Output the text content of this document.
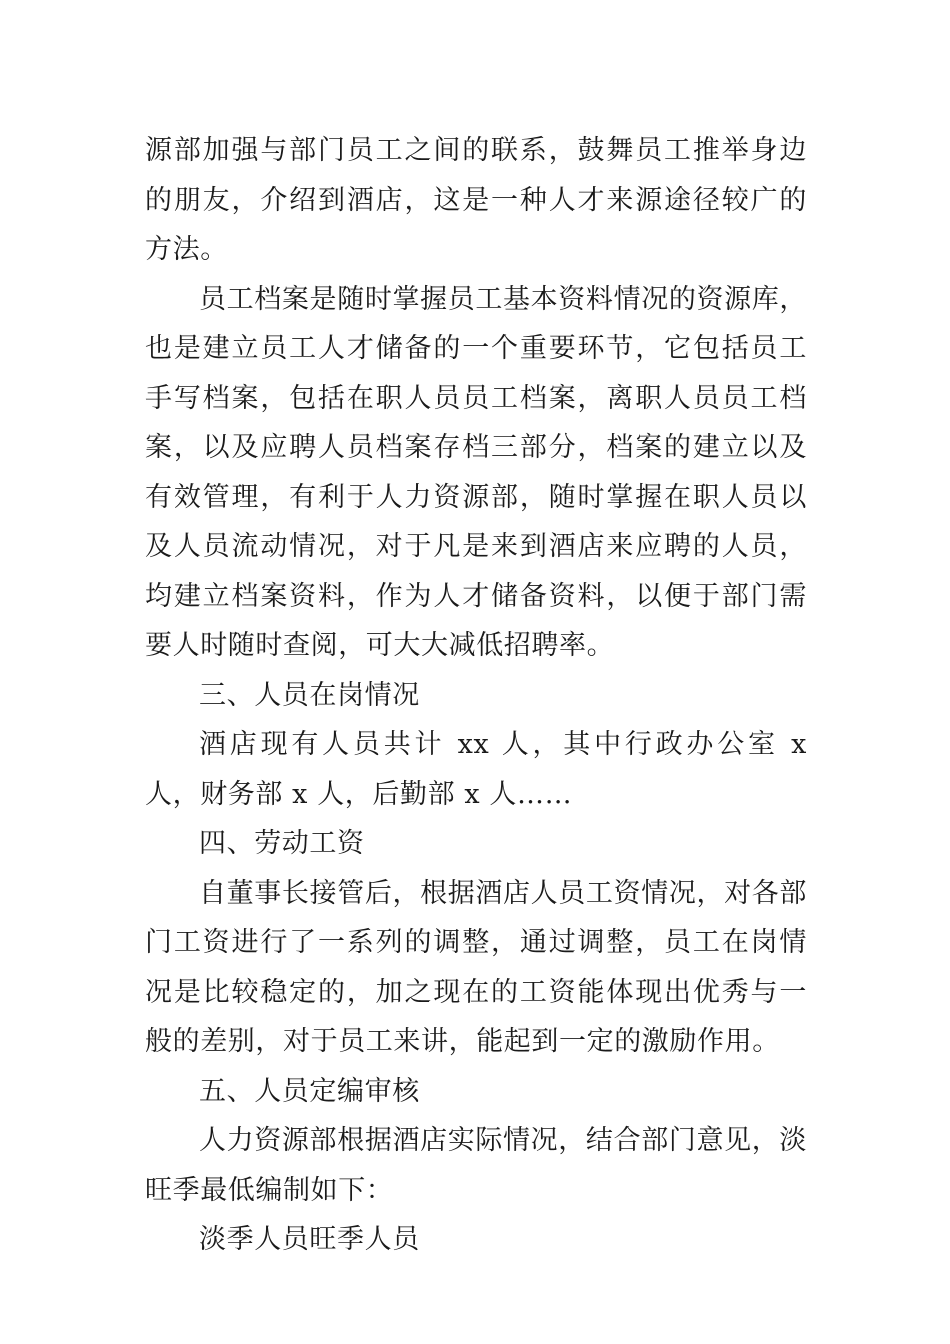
源部加强与部门员工之间的联系，鼓舞员工推举身边的朋友，介绍到酒店，这是一种人才来源途径较广的方法。

员工档案是随时掌握员工基本资料情况的资源库，也是建立员工人才储备的一个重要环节，它包括员工手写档案，包括在职人员员工档案，离职人员员工档案，以及应聘人员档案存档三部分，档案的建立以及有效管理，有利于人力资源部，随时掌握在职人员以及人员流动情况，对于凡是来到酒店来应聘的人员，均建立档案资料，作为人才储备资料，以便于部门需要人时随时查阅，可大大减低招聘率。

三、人员在岗情况

酒店现有人员共计 xx 人，其中行政办公室 x 人，财务部 x 人，后勤部 x 人……

四、劳动工资

自董事长接管后，根据酒店人员工资情况，对各部门工资进行了一系列的调整，通过调整，员工在岗情况是比较稳定的，加之现在的工资能体现出优秀与一般的差别，对于员工来讲，能起到一定的激励作用。

五、人员定编审核

人力资源部根据酒店实际情况，结合部门意见，淡旺季最低编制如下：

淡季人员旺季人员
